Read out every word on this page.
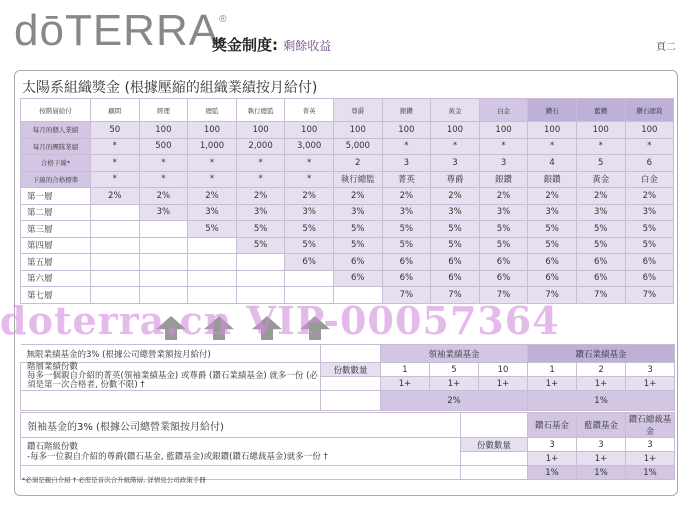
dōTERRA®
獎金制度: 剩餘收益	頁二
太陽系組織獎金 (根據壓縮的組織業績按月給付)
按階層給付	顧問	經理	總監	執行總監	菁英	尊爵	銀鑽	黃金	白金	鑽石	藍鑽	鑽石總裁
每月的個人業績	50	100	100	100	100	100	100	100	100	100	100	100
每月的團隊業績	*	500	1,000	2,000	3,000	5,000	*	*	*	*	*	*
合格下線*	*	*	*	*	*	2	3	3	3	4	5	6
下線的合格標準	*	*	*	*	*	執行總監	菁英	尊爵	銀鑽	銀鑽	黃金	白金
第一層	2%	2%	2%	2%	2%	2%	2%	2%	2%	2%	2%	2%
第二層		3%	3%	3%	3%	3%	3%	3%	3%	3%	3%	3%
第三層			5%	5%	5%	5%	5%	5%	5%	5%	5%	5%
第四層				5%	5%	5%	5%	5%	5%	5%	5%	5%
第五層					6%	6%	6%	6%	6%	6%	6%	6%
第六層						6%	6%	6%	6%	6%	6%	6%
第七層							7%	7%	7%	7%	7%	7%
無限業績基金的3% (根據公司總營業額按月給付)		領袖業績基金			鑽石業績基金		
階層業績份數
每多一個親自介紹的菁英(領袖業績基金) 或尊爵 (鑽石業績基金) 就多一份 (必須是第一次合格者, 份數不限) †	份數數量	1	5	10	1	2	3
		1+	1+	1+	1+	1+	1+
		2%			1%		
領袖基金的3% (根據公司總營業額按月給付)		鑽石基金	藍鑽基金	鑽石總裁基金
鑽石階級份數
-每多一位親自介紹的尊爵(鑽石基金, 藍鑽基金)或銀鑽(鑽石總裁基金)就多一份 †	份數數量	3	3	3
		1+	1+	1+
		1%	1%	1%
*必須是親自介紹 † 必需是首次合升級階層, 詳情見公司政策手冊
doterra.cn VIP-00057364
